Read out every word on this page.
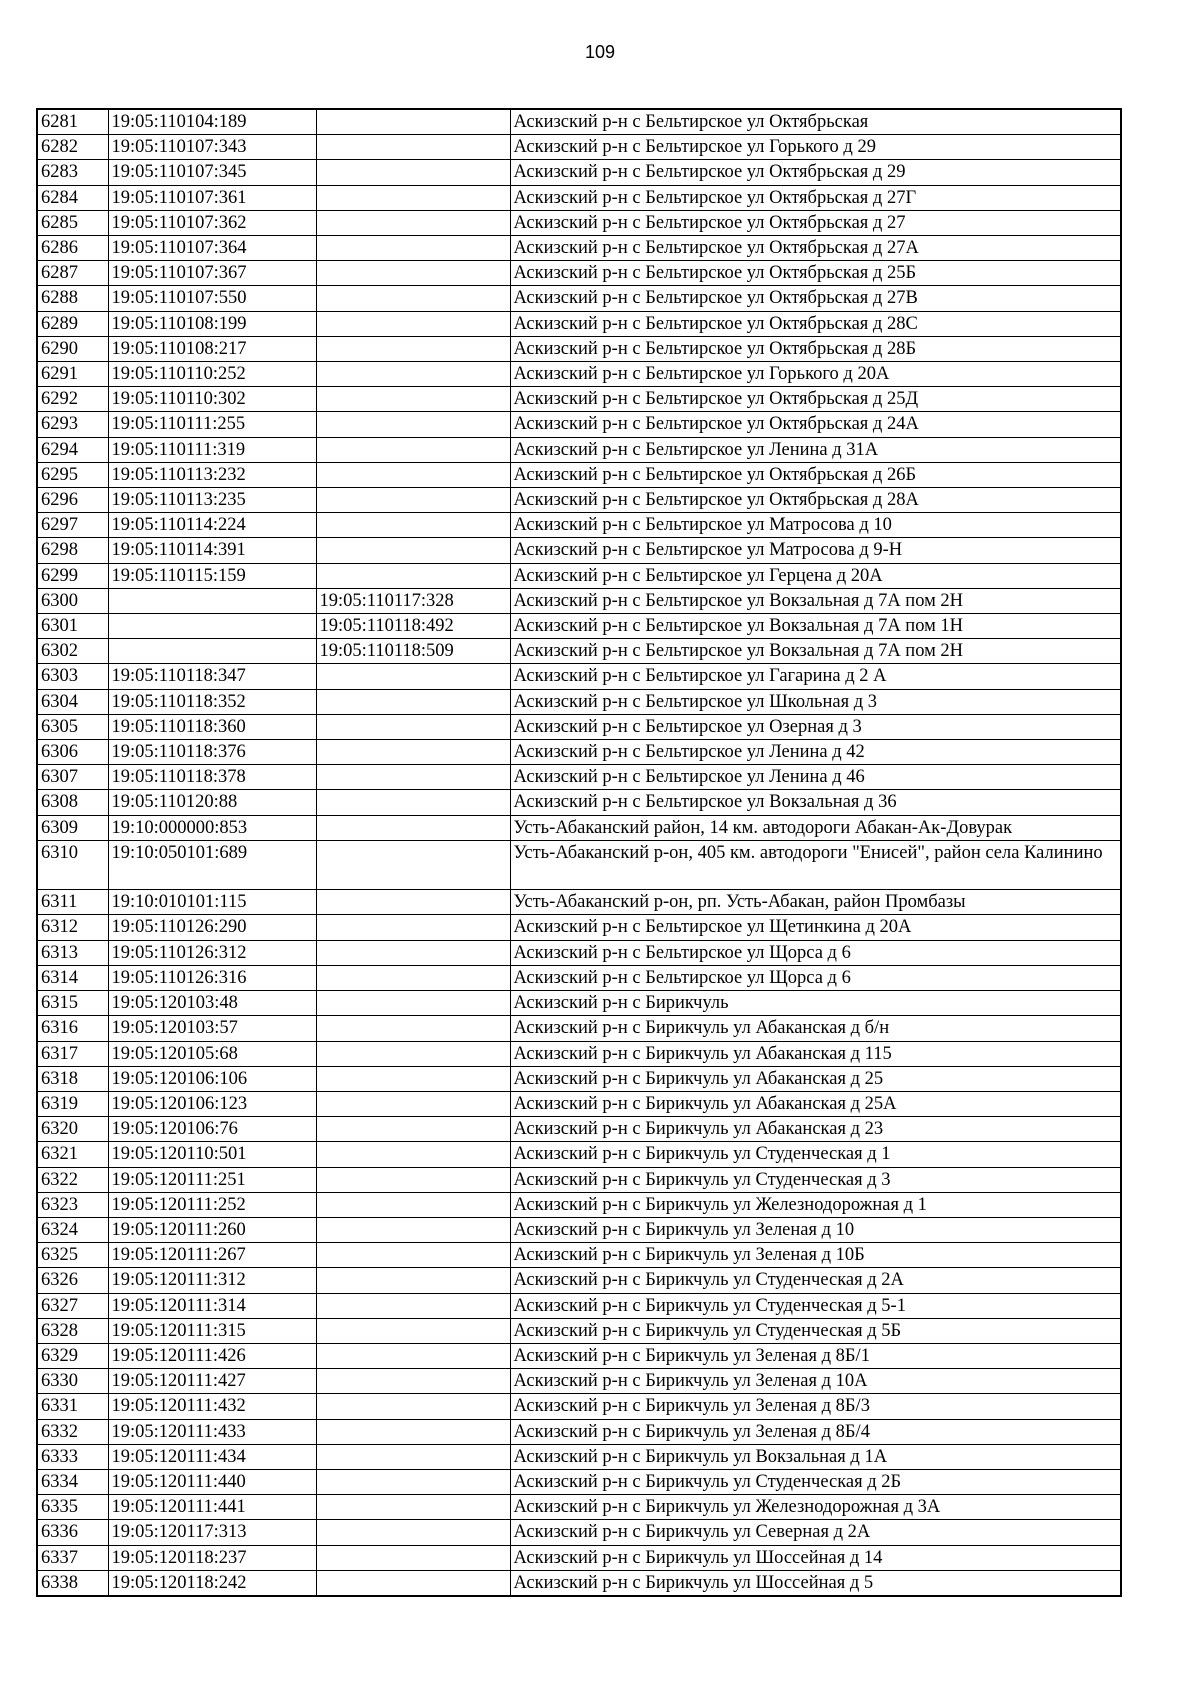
109
6281	19:05:110104:189		Аскизский р-н с Бельтирское ул Октябрьская
6282	19:05:110107:343		Аскизский р-н с Бельтирское ул Горького д 29
6283	19:05:110107:345		Аскизский р-н с Бельтирское ул Октябрьская д 29
6284	19:05:110107:361		Аскизский р-н с Бельтирское ул Октябрьская д 27Г
6285	19:05:110107:362		Аскизский р-н с Бельтирское ул Октябрьская д 27
6286	19:05:110107:364		Аскизский р-н с Бельтирское ул Октябрьская д 27А
6287	19:05:110107:367		Аскизский р-н с Бельтирское ул Октябрьская д 25Б
6288	19:05:110107:550		Аскизский р-н с Бельтирское ул Октябрьская д 27В
6289	19:05:110108:199		Аскизский р-н с Бельтирское ул Октябрьская д 28С
6290	19:05:110108:217		Аскизский р-н с Бельтирское ул Октябрьская д 28Б
6291	19:05:110110:252		Аскизский р-н с Бельтирское ул Горького д 20А
6292	19:05:110110:302		Аскизский р-н с Бельтирское ул Октябрьская д 25Д
6293	19:05:110111:255		Аскизский р-н с Бельтирское ул Октябрьская д 24А
6294	19:05:110111:319		Аскизский р-н с Бельтирское ул Ленина д 31А
6295	19:05:110113:232		Аскизский р-н с Бельтирское ул Октябрьская д 26Б
6296	19:05:110113:235		Аскизский р-н с Бельтирское ул Октябрьская д 28А
6297	19:05:110114:224		Аскизский р-н с Бельтирское ул Матросова д 10
6298	19:05:110114:391		Аскизский р-н с Бельтирское ул Матросова д 9-Н
6299	19:05:110115:159		Аскизский р-н с Бельтирское ул Герцена д 20А
6300		19:05:110117:328	Аскизский р-н с Бельтирское ул Вокзальная д 7А пом 2Н
6301		19:05:110118:492	Аскизский р-н с Бельтирское ул Вокзальная д 7А пом 1Н
6302		19:05:110118:509	Аскизский р-н с Бельтирское ул Вокзальная д 7А пом 2Н
6303	19:05:110118:347		Аскизский р-н с Бельтирское ул Гагарина д 2 А
6304	19:05:110118:352		Аскизский р-н с Бельтирское ул Школьная д 3
6305	19:05:110118:360		Аскизский р-н с Бельтирское ул Озерная д 3
6306	19:05:110118:376		Аскизский р-н с Бельтирское ул Ленина д 42
6307	19:05:110118:378		Аскизский р-н с Бельтирское ул Ленина д 46
6308	19:05:110120:88		Аскизский р-н с Бельтирское ул Вокзальная д 36
6309	19:10:000000:853		Усть-Абаканский район, 14 км. автодороги Абакан-Ак-Довурак
6310	19:10:050101:689		Усть-Абаканский р-он, 405 км. автодороги "Енисей", район села Калинино
6311	19:10:010101:115		Усть-Абаканский р-он, рп. Усть-Абакан, район Промбазы
6312	19:05:110126:290		Аскизский р-н с Бельтирское ул Щетинкина д 20А
6313	19:05:110126:312		Аскизский р-н с Бельтирское ул Щорса д 6
6314	19:05:110126:316		Аскизский р-н с Бельтирское ул Щорса д 6
6315	19:05:120103:48		Аскизский р-н с Бирикчуль
6316	19:05:120103:57		Аскизский р-н с Бирикчуль ул Абаканская д б/н
6317	19:05:120105:68		Аскизский р-н с Бирикчуль ул Абаканская д 115
6318	19:05:120106:106		Аскизский р-н с Бирикчуль ул Абаканская д 25
6319	19:05:120106:123		Аскизский р-н с Бирикчуль ул Абаканская д 25А
6320	19:05:120106:76		Аскизский р-н с Бирикчуль ул Абаканская д 23
6321	19:05:120110:501		Аскизский р-н с Бирикчуль ул Студенческая д 1
6322	19:05:120111:251		Аскизский р-н с Бирикчуль ул Студенческая д 3
6323	19:05:120111:252		Аскизский р-н с Бирикчуль ул Железнодорожная д 1
6324	19:05:120111:260		Аскизский р-н с Бирикчуль ул Зеленая д 10
6325	19:05:120111:267		Аскизский р-н с Бирикчуль ул Зеленая д 10Б
6326	19:05:120111:312		Аскизский р-н с Бирикчуль ул Студенческая д 2А
6327	19:05:120111:314		Аскизский р-н с Бирикчуль ул Студенческая д 5-1
6328	19:05:120111:315		Аскизский р-н с Бирикчуль ул Студенческая д 5Б
6329	19:05:120111:426		Аскизский р-н с Бирикчуль ул Зеленая д 8Б/1
6330	19:05:120111:427		Аскизский р-н с Бирикчуль ул Зеленая д 10А
6331	19:05:120111:432		Аскизский р-н с Бирикчуль ул Зеленая д 8Б/3
6332	19:05:120111:433		Аскизский р-н с Бирикчуль ул Зеленая д 8Б/4
6333	19:05:120111:434		Аскизский р-н с Бирикчуль ул Вокзальная д 1А
6334	19:05:120111:440		Аскизский р-н с Бирикчуль ул Студенческая д 2Б
6335	19:05:120111:441		Аскизский р-н с Бирикчуль ул Железнодорожная д 3А
6336	19:05:120117:313		Аскизский р-н с Бирикчуль ул Северная д 2А
6337	19:05:120118:237		Аскизский р-н с Бирикчуль ул Шоссейная д 14
6338	19:05:120118:242		Аскизский р-н с Бирикчуль ул Шоссейная д 5
